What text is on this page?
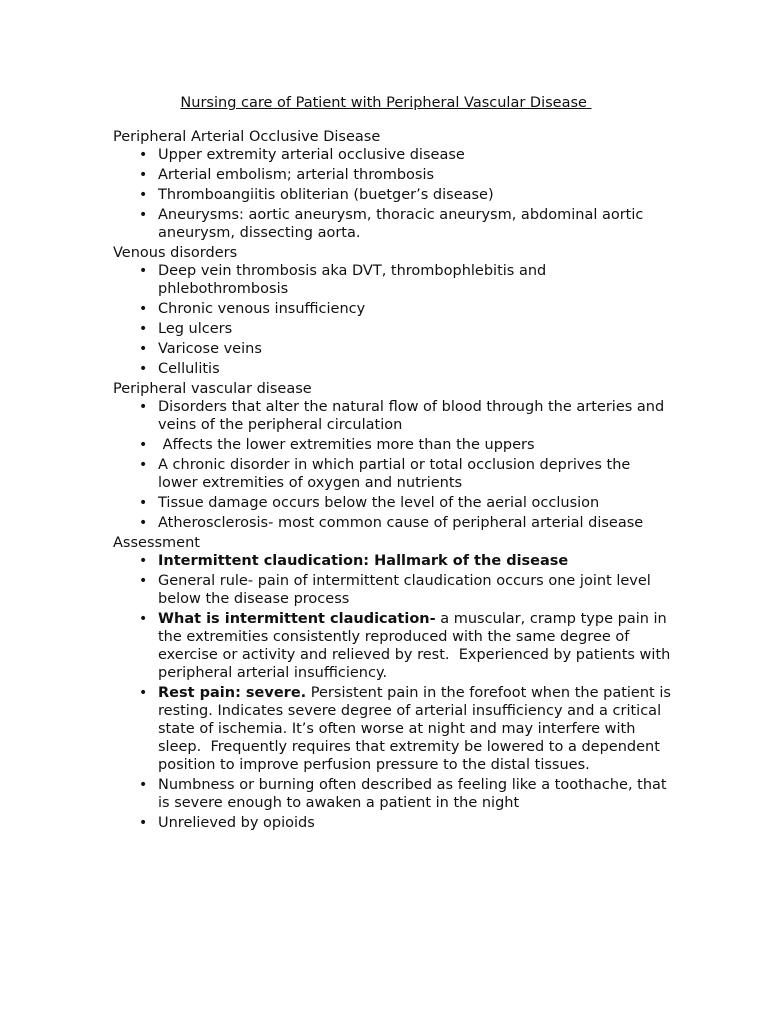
Nursing care of Patient with Peripheral Vascular Disease
Peripheral Arterial Occlusive Disease
• Upper extremity arterial occlusive disease
• Arterial embolism; arterial thrombosis
• Thromboangiitis obliterian (buetger’s disease)
• Aneurysms: aortic aneurysm, thoracic aneurysm, abdominal aortic aneurysm, dissecting aorta.
Venous disorders
• Deep vein thrombosis aka DVT, thrombophlebitis and phlebothrombosis
• Chronic venous insufficiency
• Leg ulcers
• Varicose veins
• Cellulitis
Peripheral vascular disease
• Disorders that alter the natural flow of blood through the arteries and veins of the peripheral circulation
• Affects the lower extremities more than the uppers
• A chronic disorder in which partial or total occlusion deprives the lower extremities of oxygen and nutrients
• Tissue damage occurs below the level of the aerial occlusion
• Atherosclerosis- most common cause of peripheral arterial disease
Assessment
• Intermittent claudication: Hallmark of the disease
• General rule- pain of intermittent claudication occurs one joint level below the disease process
• What is intermittent claudication- a muscular, cramp type pain in the extremities consistently reproduced with the same degree of exercise or activity and relieved by rest.  Experienced by patients with peripheral arterial insufficiency.
• Rest pain: severe. Persistent pain in the forefoot when the patient is resting. Indicates severe degree of arterial insufficiency and a critical state of ischemia. It’s often worse at night and may interfere with sleep.  Frequently requires that extremity be lowered to a dependent position to improve perfusion pressure to the distal tissues.
• Numbness or burning often described as feeling like a toothache, that is severe enough to awaken a patient in the night
• Unrelieved by opioids
